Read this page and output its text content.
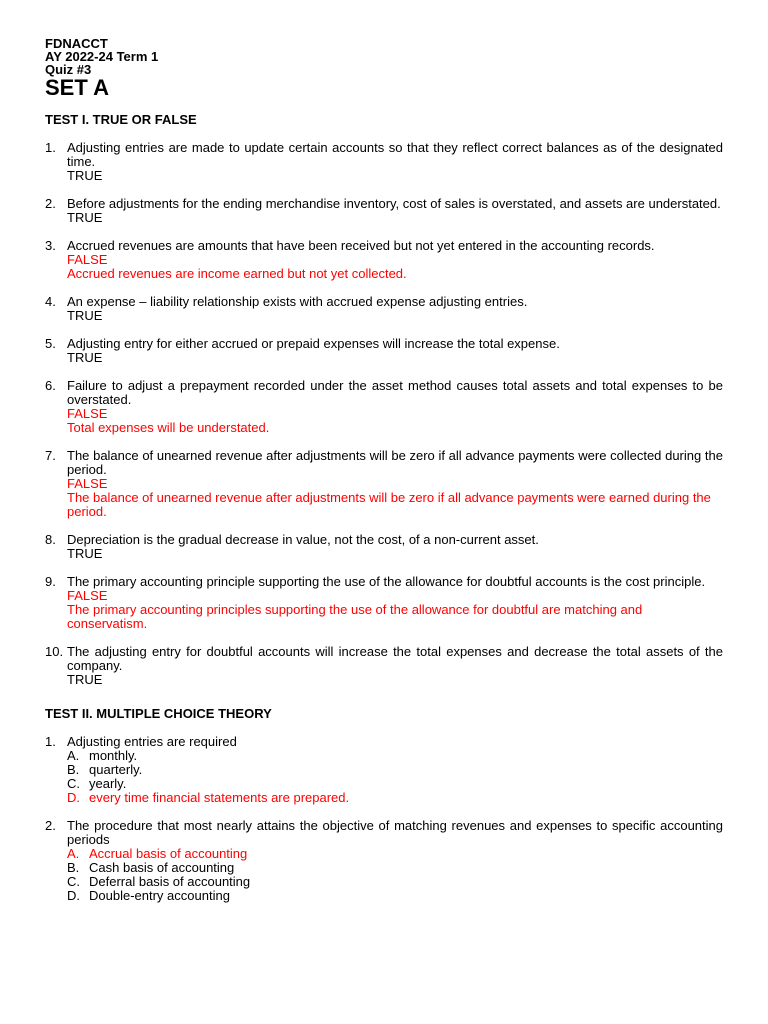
FDNACCT
AY 2022-24 Term 1
Quiz #3
SET A
TEST I. TRUE OR FALSE
1. Adjusting entries are made to update certain accounts so that they reflect correct balances as of the designated time.
TRUE
2. Before adjustments for the ending merchandise inventory, cost of sales is overstated, and assets are understated.
TRUE
3. Accrued revenues are amounts that have been received but not yet entered in the accounting records.
FALSE
Accrued revenues are income earned but not yet collected.
4. An expense – liability relationship exists with accrued expense adjusting entries.
TRUE
5. Adjusting entry for either accrued or prepaid expenses will increase the total expense.
TRUE
6. Failure to adjust a prepayment recorded under the asset method causes total assets and total expenses to be overstated.
FALSE
Total expenses will be understated.
7. The balance of unearned revenue after adjustments will be zero if all advance payments were collected during the period.
FALSE
The balance of unearned revenue after adjustments will be zero if all advance payments were earned during the period.
8. Depreciation is the gradual decrease in value, not the cost, of a non-current asset.
TRUE
9. The primary accounting principle supporting the use of the allowance for doubtful accounts is the cost principle.
FALSE
The primary accounting principles supporting the use of the allowance for doubtful are matching and conservatism.
10. The adjusting entry for doubtful accounts will increase the total expenses and decrease the total assets of the company.
TRUE
TEST II. MULTIPLE CHOICE THEORY
1. Adjusting entries are required
A. monthly.
B. quarterly.
C. yearly.
D. every time financial statements are prepared.
2. The procedure that most nearly attains the objective of matching revenues and expenses to specific accounting periods
A. Accrual basis of accounting
B. Cash basis of accounting
C. Deferral basis of accounting
D. Double-entry accounting
